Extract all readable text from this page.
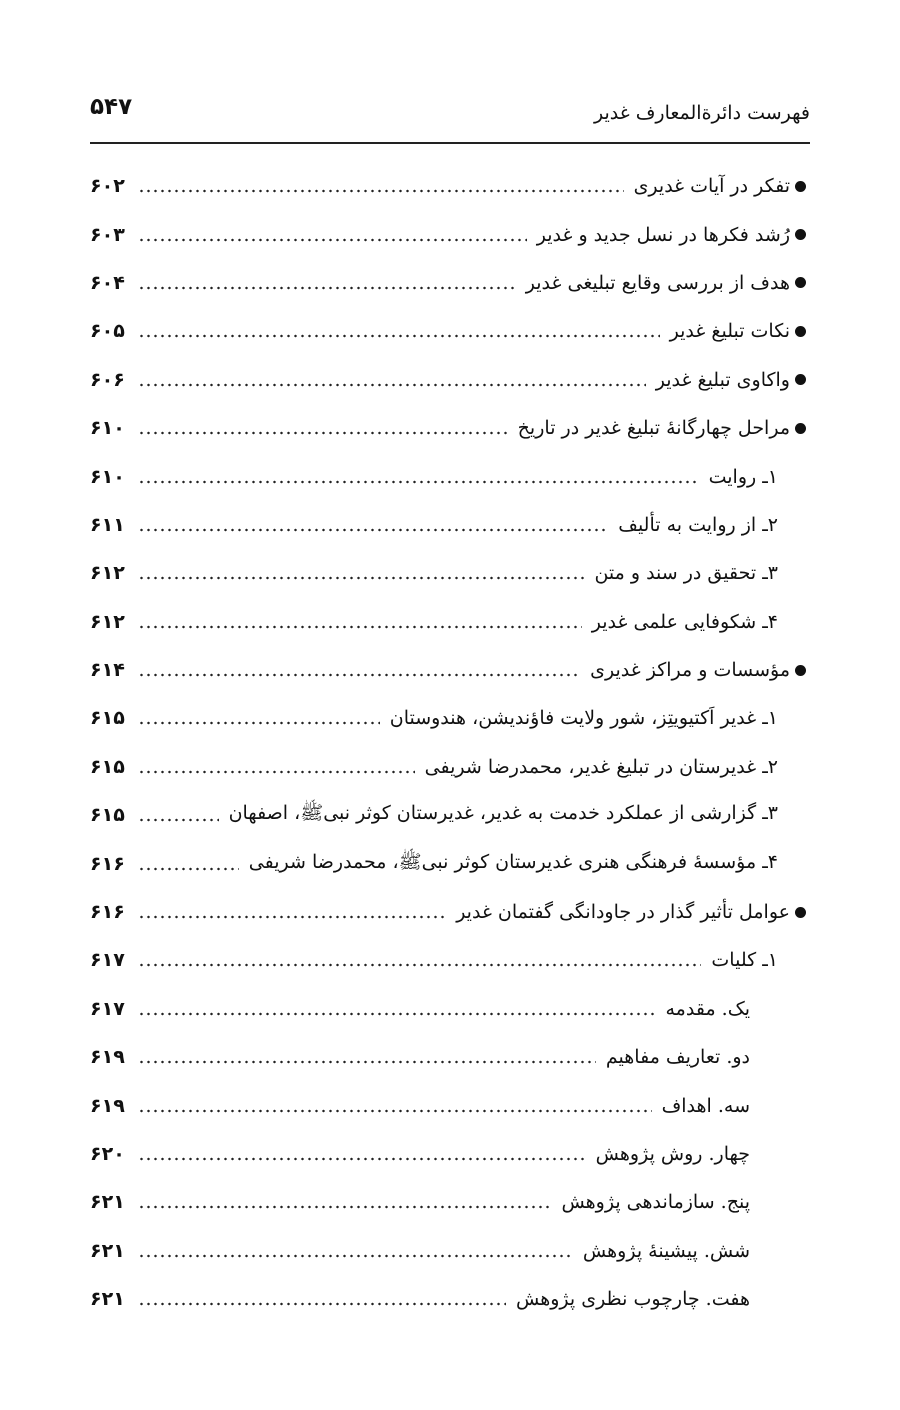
فهرست دائرةالمعارف غدیر
۵۴۷
تفکر در آیات غدیری
۶۰۲
رُشد فکرها در نسل جدید و غدیر
۶۰۳
هدف از بررسی وقایع تبلیغی غدیر
۶۰۴
نکات تبلیغ غدیر
۶۰۵
واکاوی تبلیغ غدیر
۶۰۶
مراحل چهارگانهٔ تبلیغ غدیر در تاریخ
۶۱۰
۱ـ روایت
۶۱۰
۲ـ از روایت به تألیف
۶۱۱
۳ـ تحقیق در سند و متن
۶۱۲
۴ـ شکوفایی علمی غدیر
۶۱۲
مؤسسات و مراکز غدیری
۶۱۴
۱ـ غدیر اَکتیویتِز، شور ولایت فاؤندیشن، هندوستان
۶۱۵
۲ـ غدیرستان در تبلیغ غدیر، محمدرضا شریفی
۶۱۵
۳ـ گزارشی از عملکرد خدمت به غدیر، غدیرستان کوثر نبیﷺ، اصفهان
۶۱۵
۴ـ مؤسسهٔ فرهنگی هنری غدیرستان کوثر نبیﷺ، محمدرضا شریفی
۶۱۶
عوامل تأثیر گذار در جاودانگی گفتمان غدیر
۶۱۶
۱ـ کلیات
۶۱۷
یک. مقدمه
۶۱۷
دو. تعاریف مفاهیم
۶۱۹
سه. اهداف
۶۱۹
چهار. روش پژوهش
۶۲۰
پنج. سازماندهی پژوهش
۶۲۱
شش. پیشینهٔ پژوهش
۶۲۱
هفت. چارچوب نظری پژوهش
۶۲۱
